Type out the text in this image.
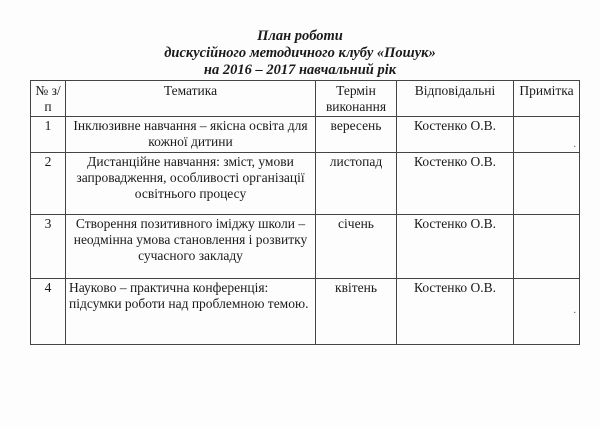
План роботи

дискусійного методичного клубу «Пошук»

на 2016 – 2017 навчальний рік

№ з/п	Тематика	Термін виконання	Відповідальні	Примітка
1	Інклюзивне навчання – якісна освіта для кожної дитини	вересень	Костенко О.В.	.
2	Дистанційне навчання: зміст, умови запровадження, особливості організації освітнього процесу	листопад	Костенко О.В.	
3	Створення позитивного іміджу школи – неодмінна умова становлення і розвитку сучасного закладу	січень	Костенко О.В.	
4	Науково – практична конференція: підсумки роботи над проблемною темою.	квітень	Костенко О.В.	.
